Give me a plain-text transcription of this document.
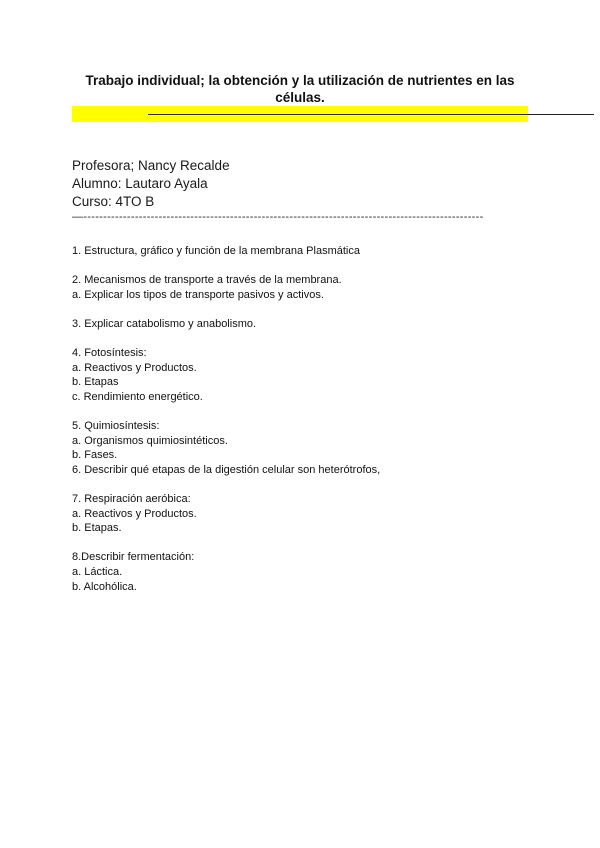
Trabajo individual; la obtención y la utilización de nutrientes en las
células.
Profesora; Nancy Recalde
Alumno: Lautaro Ayala
Curso: 4TO B
—-----------------------------------------------------------------------------------------------------
1. Estructura, gráfico y función de la membrana Plasmática
2. Mecanismos de transporte a través de la membrana.
a. Explicar los tipos de transporte pasivos y activos.
3. Explicar catabolismo y anabolismo.
4. Fotosíntesis:
a. Reactivos y Productos.
b. Etapas
c. Rendimiento energético.
5. Quimiosíntesis:
a. Organismos quimiosintéticos.
b. Fases.
6. Describir qué etapas de la digestión celular son heterótrofos,
7. Respiración aeróbica:
a. Reactivos y Productos.
b. Etapas.
8.Describir fermentación:
a. Láctica.
b. Alcohólica.
